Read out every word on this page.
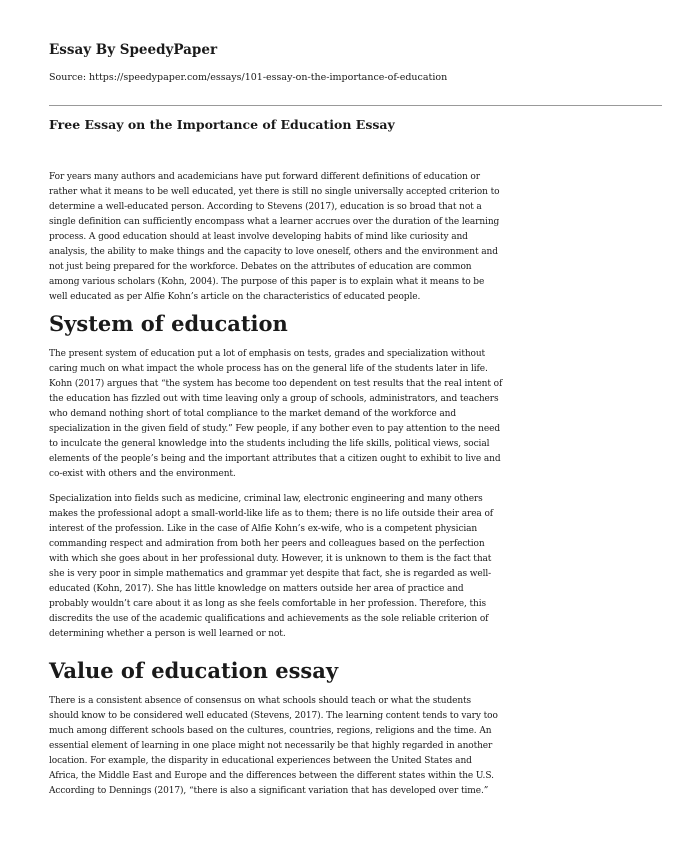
Essay By SpeedyPaper
Source: https://speedypaper.com/essays/101-essay-on-the-importance-of-education
Free Essay on the Importance of Education Essay
For years many authors and academicians have put forward different definitions of education or
rather what it means to be well educated, yet there is still no single universally accepted criterion to
determine a well-educated person. According to Stevens (2017), education is so broad that not a
single definition can sufficiently encompass what a learner accrues over the duration of the learning
process. A good education should at least involve developing habits of mind like curiosity and
analysis, the ability to make things and the capacity to love oneself, others and the environment and
not just being prepared for the workforce. Debates on the attributes of education are common
among various scholars (Kohn, 2004). The purpose of this paper is to explain what it means to be
well educated as per Alfie Kohn’s article on the characteristics of educated people.
System of education
The present system of education put a lot of emphasis on tests, grades and specialization without
caring much on what impact the whole process has on the general life of the students later in life.
Kohn (2017) argues that “the system has become too dependent on test results that the real intent of
the education has fizzled out with time leaving only a group of schools, administrators, and teachers
who demand nothing short of total compliance to the market demand of the workforce and
specialization in the given field of study.” Few people, if any bother even to pay attention to the need
to inculcate the general knowledge into the students including the life skills, political views, social
elements of the people’s being and the important attributes that a citizen ought to exhibit to live and
co-exist with others and the environment.
Specialization into fields such as medicine, criminal law, electronic engineering and many others
makes the professional adopt a small-world-like life as to them; there is no life outside their area of
interest of the profession. Like in the case of Alfie Kohn’s ex-wife, who is a competent physician
commanding respect and admiration from both her peers and colleagues based on the perfection
with which she goes about in her professional duty. However, it is unknown to them is the fact that
she is very poor in simple mathematics and grammar yet despite that fact, she is regarded as well-
educated (Kohn, 2017). She has little knowledge on matters outside her area of practice and
probably wouldn’t care about it as long as she feels comfortable in her profession. Therefore, this
discredits the use of the academic qualifications and achievements as the sole reliable criterion of
determining whether a person is well learned or not.
Value of education essay
There is a consistent absence of consensus on what schools should teach or what the students
should know to be considered well educated (Stevens, 2017). The learning content tends to vary too
much among different schools based on the cultures, countries, regions, religions and the time. An
essential element of learning in one place might not necessarily be that highly regarded in another
location. For example, the disparity in educational experiences between the United States and
Africa, the Middle East and Europe and the differences between the different states within the U.S.
According to Dennings (2017), “there is also a significant variation that has developed over time.”
